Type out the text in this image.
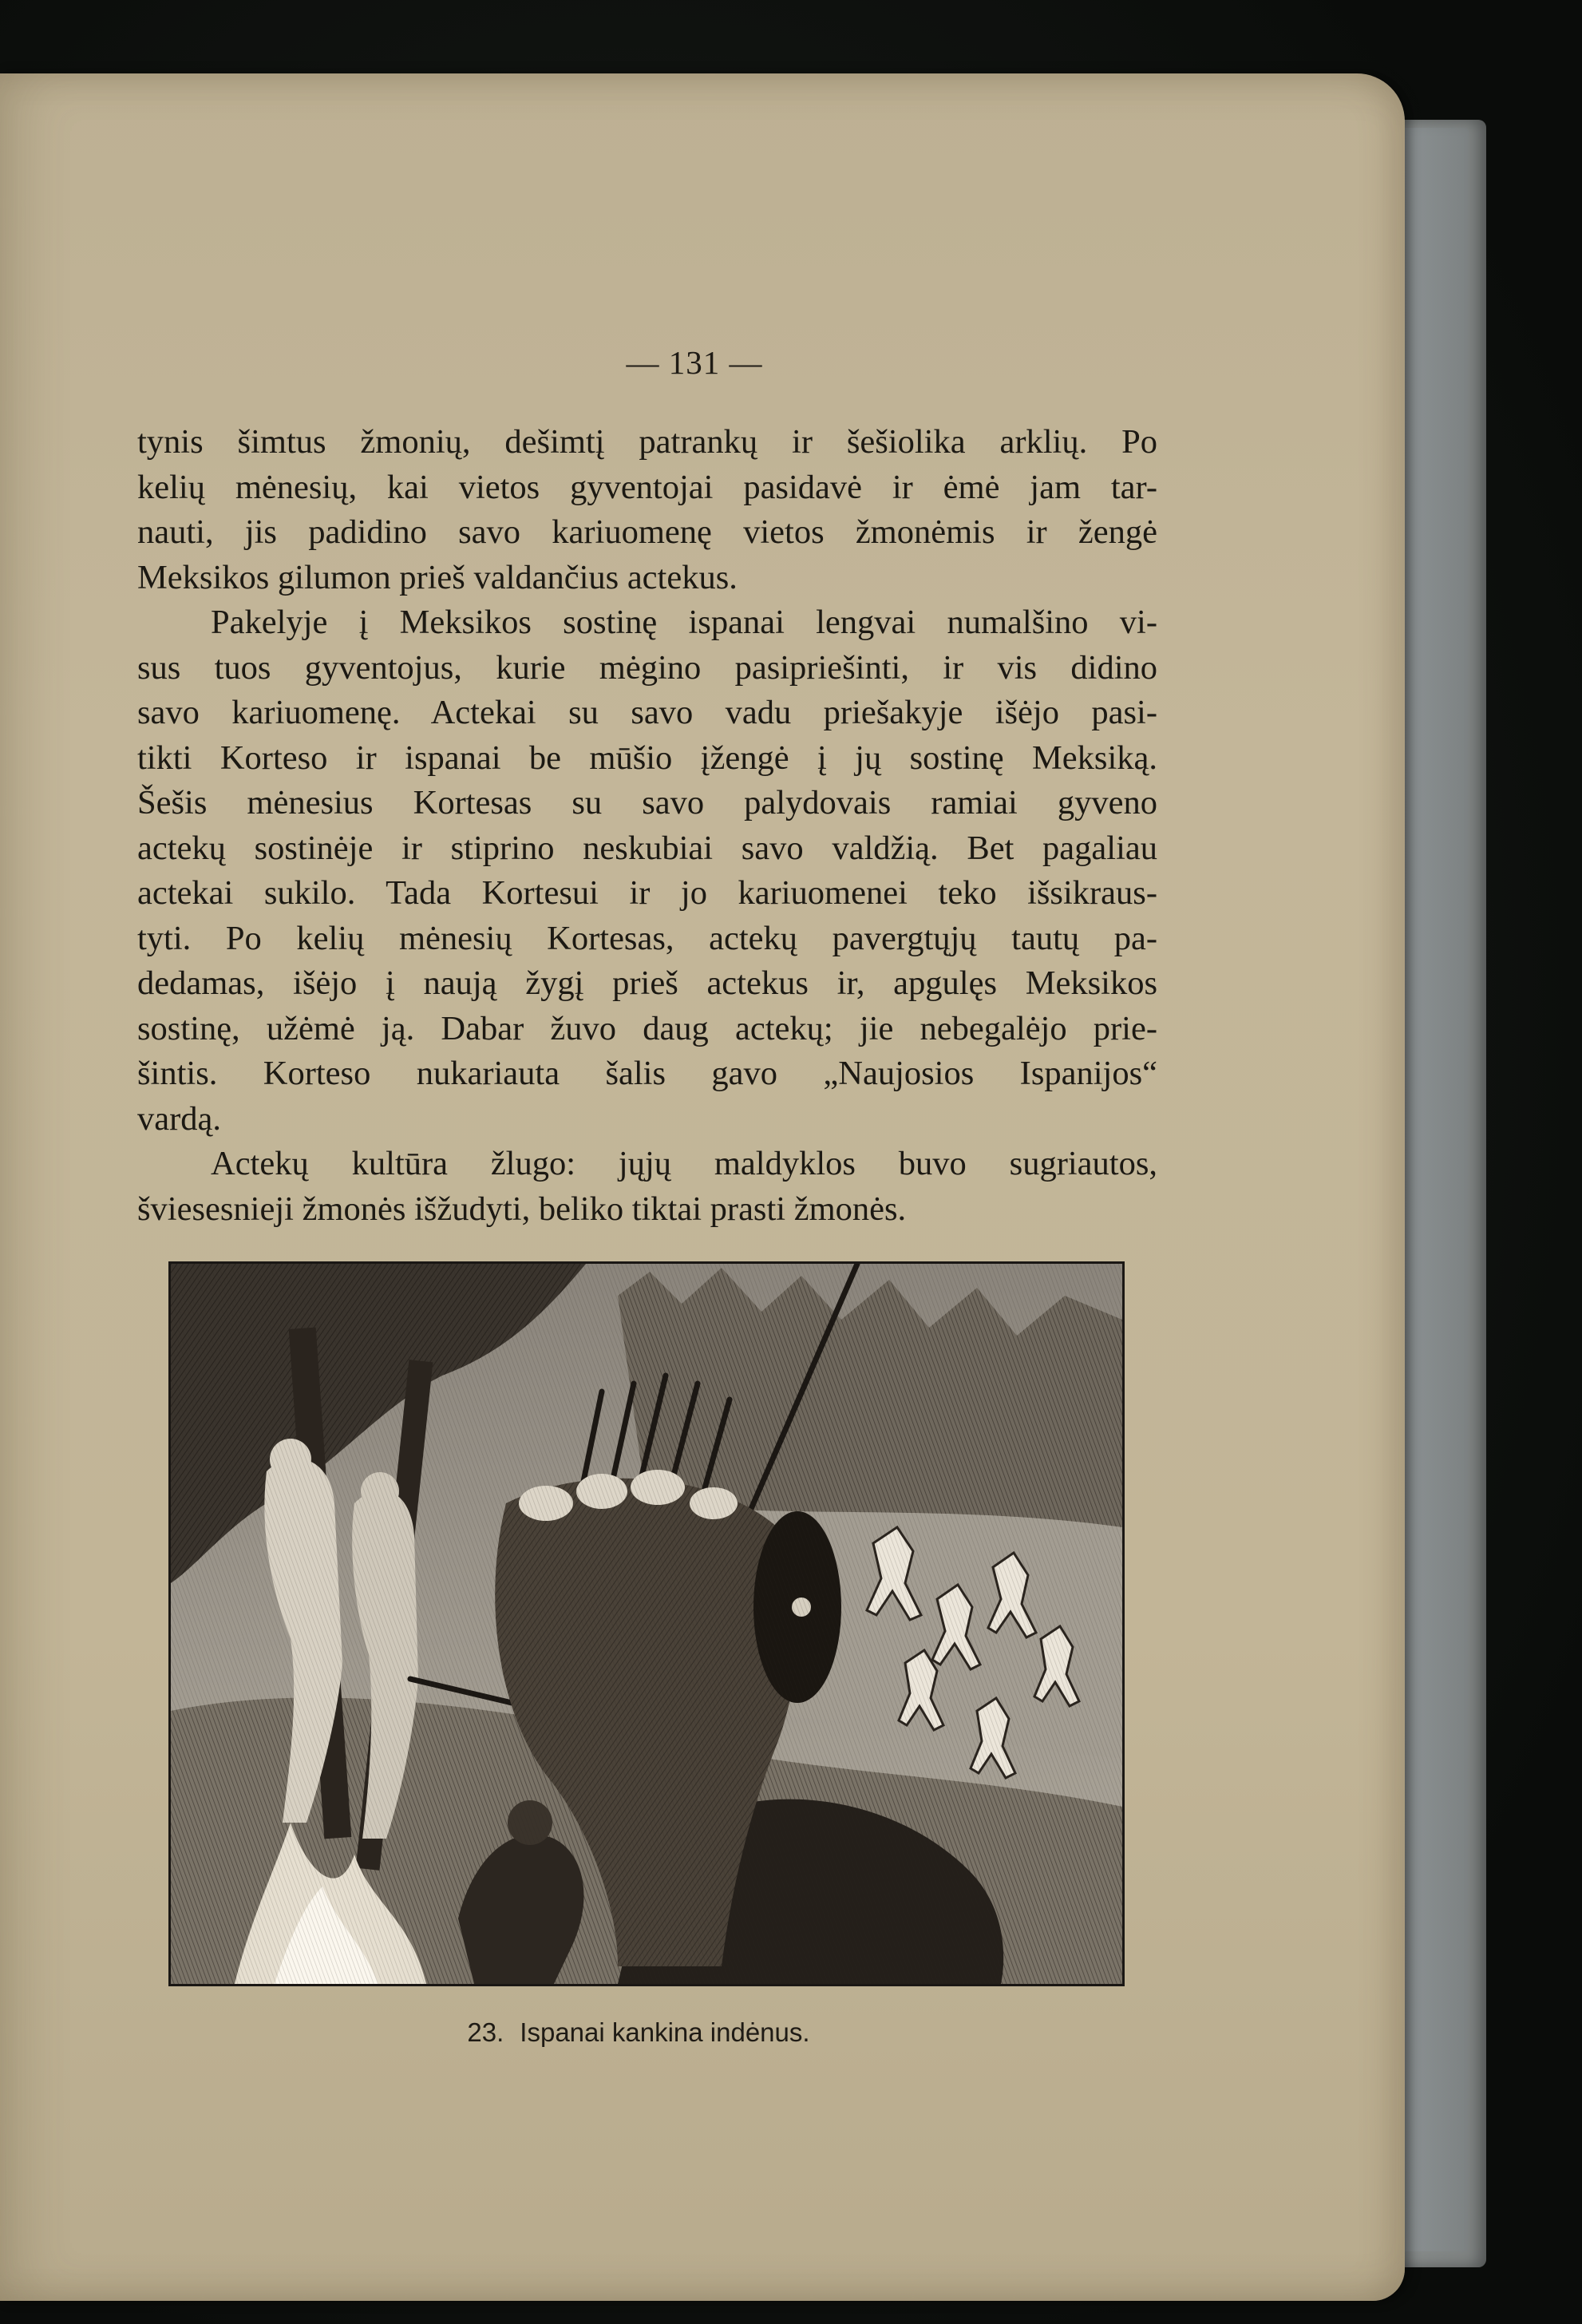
— 131 —
tynis šimtus žmonių, dešimtį patrankų ir šešiolika arklių. Po
kelių mėnesių, kai vietos gyventojai pasidavė ir ėmė jam tar-
nauti, jis padidino savo kariuomenę vietos žmonėmis ir žengė
Meksikos gilumon prieš valdančius actekus.
Pakelyje į Meksikos sostinę ispanai lengvai numalšino vi-
sus tuos gyventojus, kurie mėgino pasipriešinti, ir vis didino
savo kariuomenę. Actekai su savo vadu priešakyje išėjo pasi-
tikti Korteso ir ispanai be mūšio įžengė į jų sostinę Meksiką.
Šešis mėnesius Kortesas su savo palydovais ramiai gyveno
actekų sostinėje ir stiprino neskubiai savo valdžią. Bet pagaliau
actekai sukilo. Tada Kortesui ir jo kariuomenei teko išsikraus-
tyti. Po kelių mėnesių Kortesas, actekų pavergtųjų tautų pa-
dedamas, išėjo į naują žygį prieš actekus ir, apgulęs Meksikos
sostinę, užėmė ją. Dabar žuvo daug actekų; jie nebegalėjo prie-
šintis. Korteso nukariauta šalis gavo „Naujosios Ispanijos“
vardą.
Actekų kultūra žlugo: jųjų maldyklos buvo sugriautos,
šviesesnieji žmonės išžudyti, beliko tiktai prasti žmonės.
23. Ispanai kankina indėnus.
